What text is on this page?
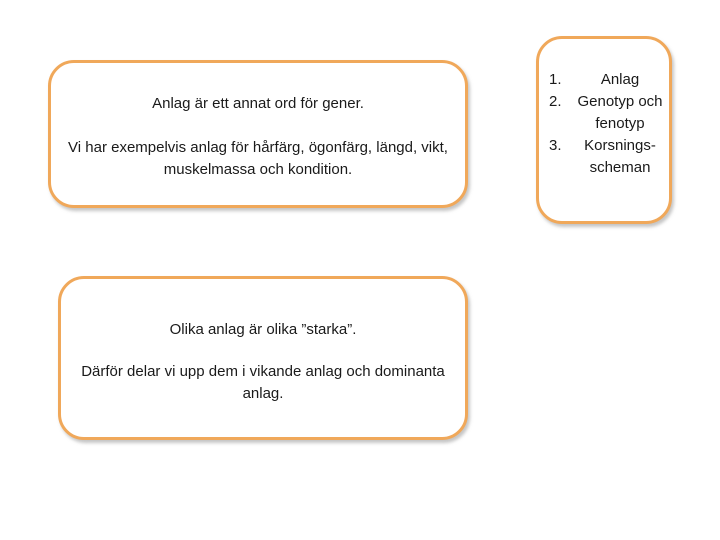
Anlag är ett annat ord för gener.

Vi har exempelvis anlag för hårfärg, ögonfärg, längd, vikt, muskelmassa och kondition.

Olika anlag är olika ”starka”.

Därför delar vi upp dem i vikande anlag och dominanta anlag.

1.	Anlag
2. Genotyp och fenotyp
3. Korsnings-scheman
